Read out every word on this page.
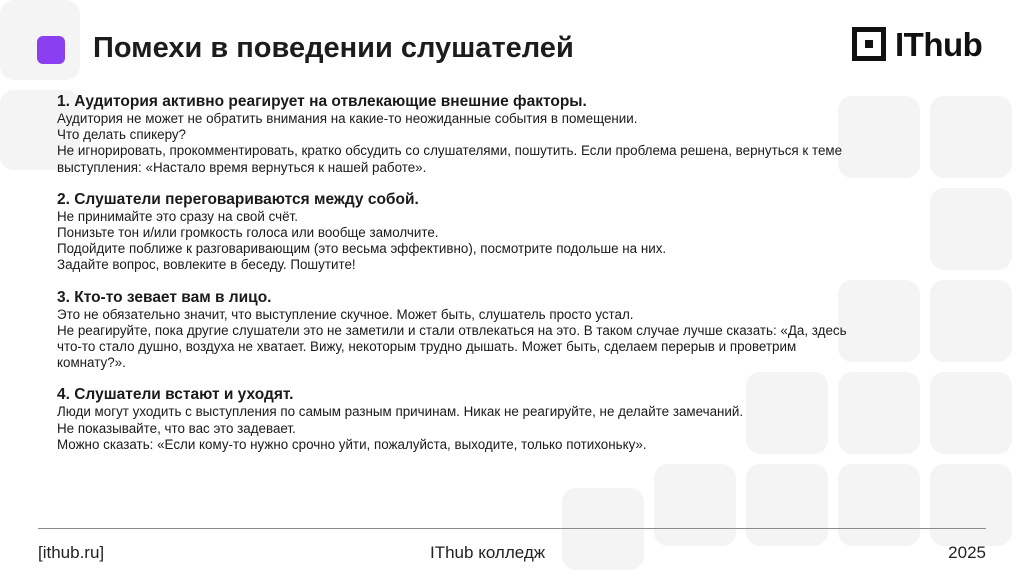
Помехи в поведении слушателей	IThub
1. Аудитория активно реагирует на отвлекающие внешние факторы.

Аудитория не может не обратить внимания на какие-то неожиданные события в помещении.

Что делать спикеру?

Не игнорировать, прокомментировать, кратко обсудить со слушателями, пошутить. Если проблема решена, вернуться к теме

выступления: «Настало время вернуться к нашей работе».

2. Слушатели переговариваются между собой.

Не принимайте это сразу на свой счёт.

Понизьте тон и/или громкость голоса или вообще замолчите.

Подойдите поближе к разговаривающим (это весьма эффективно), посмотрите подольше на них.

Задайте вопрос, вовлеките в беседу. Пошутите!

3. Кто-то зевает вам в лицо.

Это не обязательно значит, что выступление скучное. Может быть, слушатель просто устал.

Не реагируйте, пока другие слушатели это не заметили и стали отвлекаться на это. В таком случае лучше сказать: «Да, здесь

что-то стало душно, воздуха не хватает. Вижу, некоторым трудно дышать. Может быть, сделаем перерыв и проветрим

комнату?».

4. Слушатели встают и уходят.

Люди могут уходить с выступления по самым разным причинам. Никак не реагируйте, не делайте замечаний.

Не показывайте, что вас это задевает.

Можно сказать: «Если кому-то нужно срочно уйти, пожалуйста, выходите, только потихоньку».

[ithub.ru]	IThub колледж	2025
